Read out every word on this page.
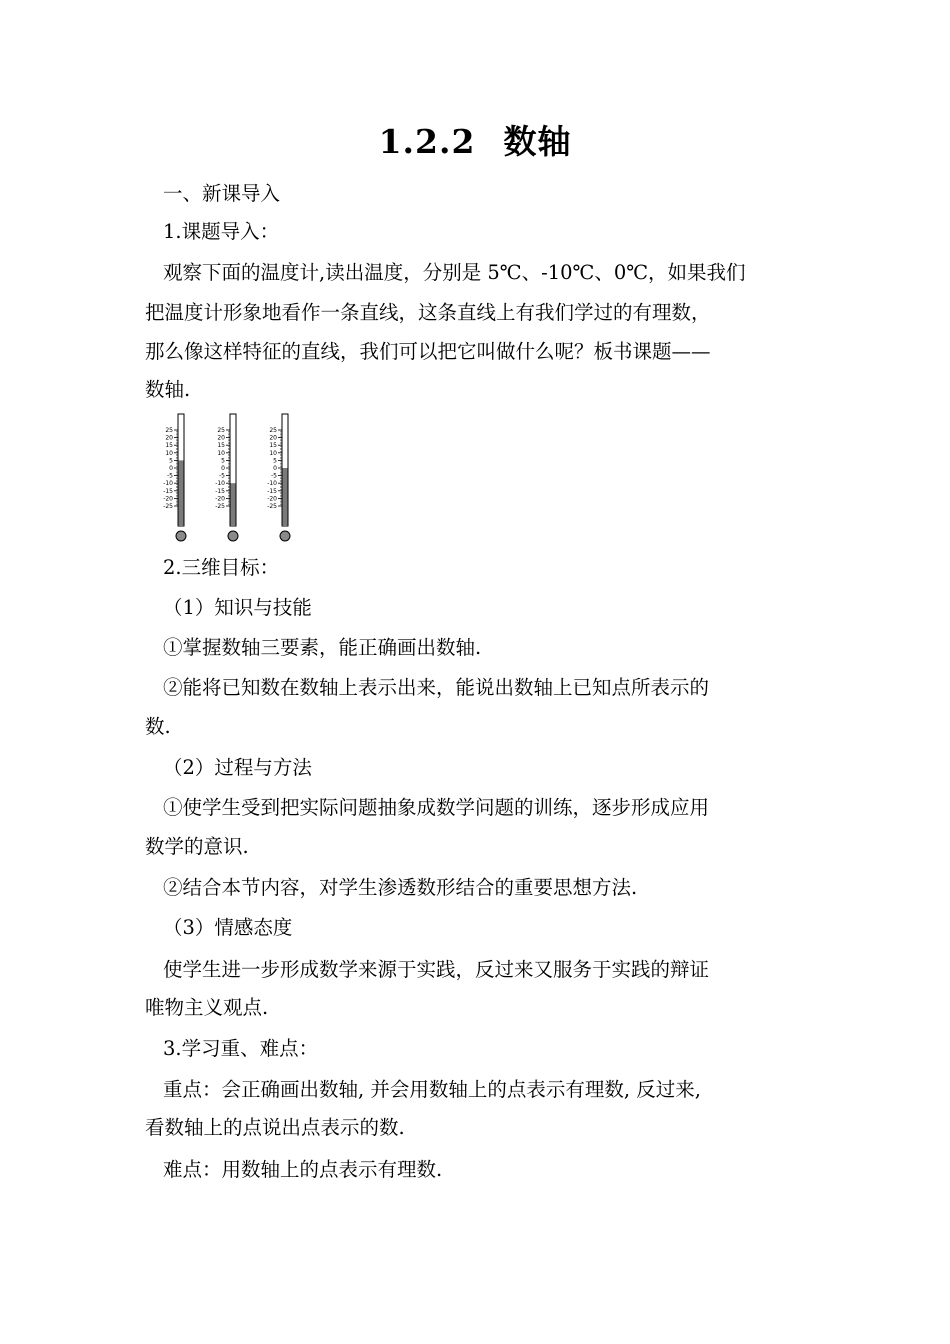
1.2.2 数轴
一、新课导入
1.课题导入：
观察下面的温度计,读出温度，分别是 5℃、-10℃、0℃，如果我们
把温度计形象地看作一条直线，这条直线上有我们学过的有理数，
那么像这样特征的直线，我们可以把它叫做什么呢？板书课题——
数轴.
25
20
15
10
5
0
-5
-10
-15
-20
-25
25
20
15
10
5
0
-5
-10
-15
-20
-25
25
20
15
10
5
0
-5
-10
-15
-20
-25
2.三维目标：
（1）知识与技能
①掌握数轴三要素，能正确画出数轴.
②能将已知数在数轴上表示出来，能说出数轴上已知点所表示的
数.
（2）过程与方法
①使学生受到把实际问题抽象成数学问题的训练，逐步形成应用
数学的意识.
②结合本节内容，对学生渗透数形结合的重要思想方法.
（3）情感态度
使学生进一步形成数学来源于实践，反过来又服务于实践的辩证
唯物主义观点.
3.学习重、难点：
重点：会正确画出数轴, 并会用数轴上的点表示有理数, 反过来,
看数轴上的点说出点表示的数.
难点：用数轴上的点表示有理数.
